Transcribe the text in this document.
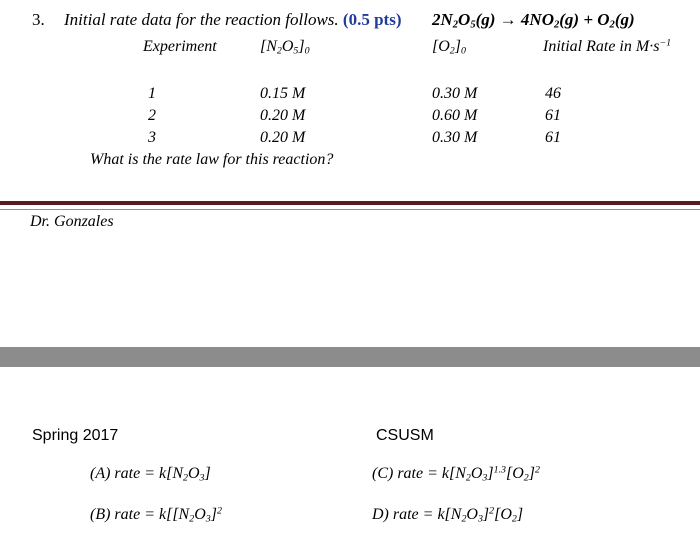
3. Initial rate data for the reaction follows. (0.5 pts) $2N_2O_5(g) \to 4NO_2(g) + O_2(g)$
Experiment	$[N_2O_5]_0$	$[O_2]_0$	Initial Rate in $M\cdot s^{-1}$
1	0.15 M	0.30 M	46
2	0.20 M	0.60 M	61
3	0.20 M	0.30 M	61
What is the rate law for this reaction?
Dr. Gonzales
Spring 2017	CSUSM
(A) rate = $k[N_2O_3]$	(C) rate = $k[N_2O_3]^{1.3}[O_2]^2$
(B) rate = $k[[N_2O_3]^2$	D) rate = $k[N_2O_3]^2[O_2]$
